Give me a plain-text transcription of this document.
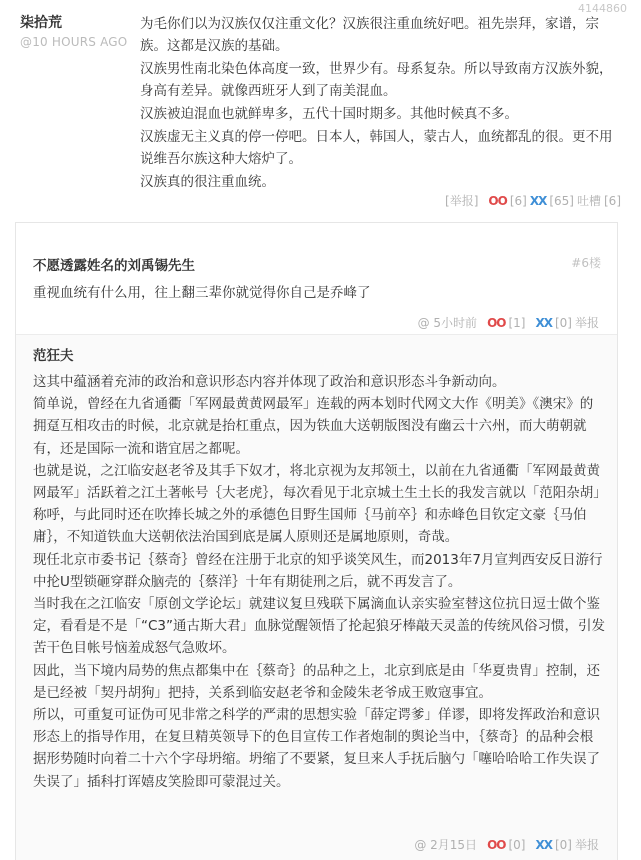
4144860
柒拾荒
@10 HOURS AGO

为毛你们以为汉族仅仅注重文化？汉族很注重血统好吧。祖先崇拜，家谱，宗族。这都是汉族的基础。

汉族男性南北染色体高度一致，世界少有。母系复杂。所以导致南方汉族外貌，身高有差异。就像西班牙人到了南美混血。

汉族被迫混血也就鲜卑多，五代十国时期多。其他时候真不多。

汉族虚无主义真的停一停吧。日本人，韩国人，蒙古人，血统都乱的很。更不用说维吾尔族这种大熔炉了。

汉族真的很注重血统。

[举报] OO [6] XX [65] 吐槽 [6]
不愿透露姓名的刘禹锡先生	#6楼
重视血统有什么用，往上翻三辈你就觉得你自己是乔峰了
@ 5小时前 OO [1] XX [0] 举报
范狂夫

这其中蕴涵着充沛的政治和意识形态内容并体现了政治和意识形态斗争新动向。

简单说，曾经在九省通衢「军网最黄黄网最军」连载的两本划时代网文大作《明美》《澳宋》的拥趸互相攻击的时候，北京就是抬杠重点，因为铁血大送朝版图没有幽云十六州，而大萌朝就有，还是国际一流和谐宜居之都呢。

也就是说，之江临安赵老爷及其手下奴才，将北京视为友邦领土，以前在九省通衢「军网最黄黄网最军」活跃着之江土著帐号｛大老虎｝，每次看见于北京城土生土长的我发言就以「范阳杂胡」称呼，与此同时还在吹捧长城之外的承德色目野生国师｛马前卒｝和赤峰色目钦定文豪｛马伯庸｝，不知道铁血大送朝依法治国到底是属人原则还是属地原则，奇哉。

现任北京市委书记｛蔡奇｝曾经在注册于北京的知乎谈笑风生，而2013年7月宣判西安反日游行中抡U型锁砸穿群众脑壳的｛蔡洋｝十年有期徒刑之后，就不再发言了。

当时我在之江临安「原创文学论坛」就建议复旦残联下属滴血认亲实验室替这位抗日逗士做个鉴定，看看是不是「“C3”通古斯大君」血脉觉醒领悟了抡起狼牙棒敲天灵盖的传统风俗习惯，引发苦干色目帐号恼羞成怒气急败坏。

因此，当下境内局势的焦点都集中在｛蔡奇｝的品种之上，北京到底是由「华夏贵胄」控制，还是已经被「契丹胡狗」把持，关系到临安赵老爷和金陵朱老爷成王败寇事宜。

所以，可重复可证伪可见非常之科学的严肃的思想实验「薛定谔爹」佯谬，即将发挥政治和意识形态上的指导作用，在复旦精英领导下的色目宣传工作者炮制的舆论当中，｛蔡奇｝的品种会根据形势随时向着二十六个字母坍缩。坍缩了不要紧，复旦来人手抚后脑勺「噻哈哈哈工作失误了失误了」插科打诨嬉皮笑脸即可蒙混过关。

@ 2月15日 OO [0] XX [0] 举报
